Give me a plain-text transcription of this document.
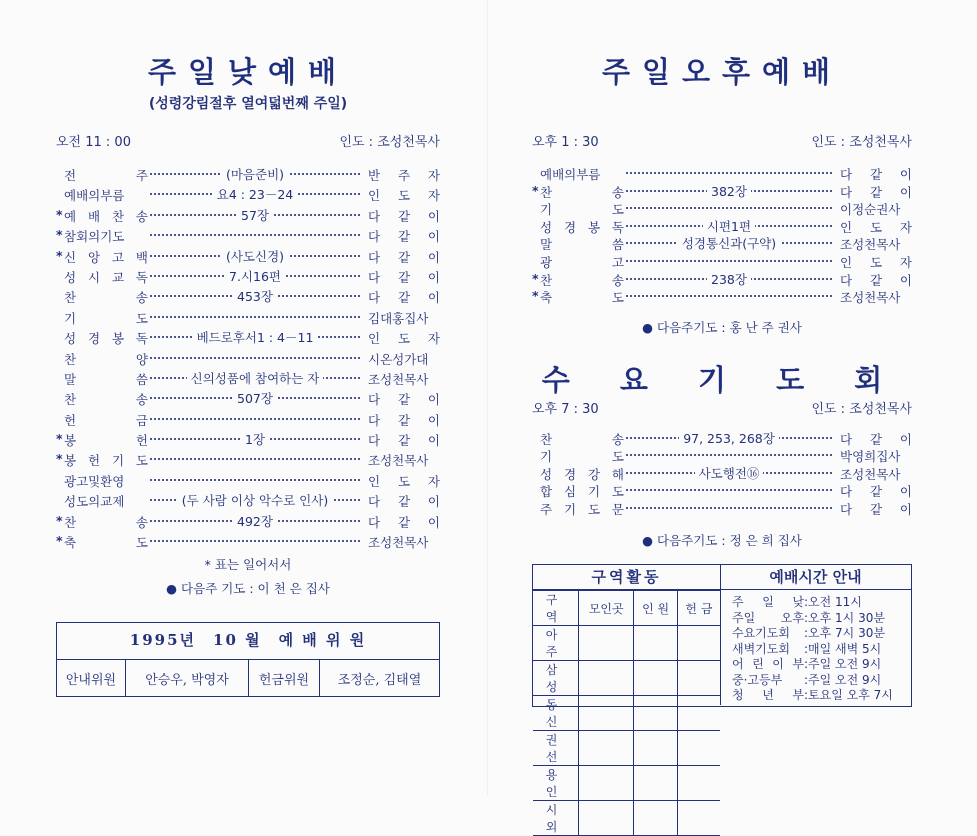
주일낮예배
(성령강림절후 열여덟번째 주일)
오전 11 : 00	인도 : 조성천목사
전 주	(마음준비)	반 주 자
예배의부름	요4 : 23－24	인 도 자
* 예 배 찬 송	57장	다 같 이
* 참회의기도	다 같 이
* 신 앙 고 백	(사도신경)	다 같 이
성 시 교 독	7.시16편	다 같 이
찬 송	453장	다 같 이
기 도	김대홍집사
성 경 봉 독	베드로후서1 : 4－11	인 도 자
찬 양	시온성가대
말 씀	신의성품에 참여하는 자	조성천목사
찬 송	507장	다 같 이
헌 금	다 같 이
* 봉 헌	1장	다 같 이
* 봉 헌 기 도	조성천목사
광고및환영	인 도 자
성도의교제	(두 사람 이상 악수로 인사)	다 같 이
* 찬 송	492장	다 같 이
* 축 도	조성천목사
* 표는 일어서서
● 다음주 기도 : 이 천 은 집사
1995년　10 월　예 배 위 원
안내위원	안승우, 박영자	헌금위원	조정순, 김태열
주일오후예배
오후 1 : 30	인도 : 조성천목사
예배의부름	다 같 이
* 찬 송	382장	다 같 이
기 도	이정순권사
성 경 봉 독	시편1편	인 도 자
말 씀	성경통신과(구약)	조성천목사
광 고	인 도 자
* 찬 송	238장	다 같 이
* 축 도	조성천목사
● 다음주기도 : 홍 난 주 권사
수 요 기 도 회
오후 7 : 30	인도 : 조성천목사
찬 송	97, 253, 268장	다 같 이
기 도	박영희집사
성 경 강 해	사도행전⑯	조성천목사
합 심 기 도	다 같 이
주 기 도 문	다 같 이
● 다음주기도 : 정 은 희 집사
구역활동
구 역	모인곳	인 원	헌 금
아 주			
삼 성			
동 신			
권 선			
용 인			
시 외			
예배시간 안내
주 일 낮 : 오전 11시
주일 오후 : 오후 1시 30분
수요기도회	: 오후 7시 30분
새벽기도회	: 매일 새벽 5시
어 린 이 부 : 주일 오전 9시
중·고등부	: 주일 오전 9시
청 년 부 : 토요일 오후 7시
